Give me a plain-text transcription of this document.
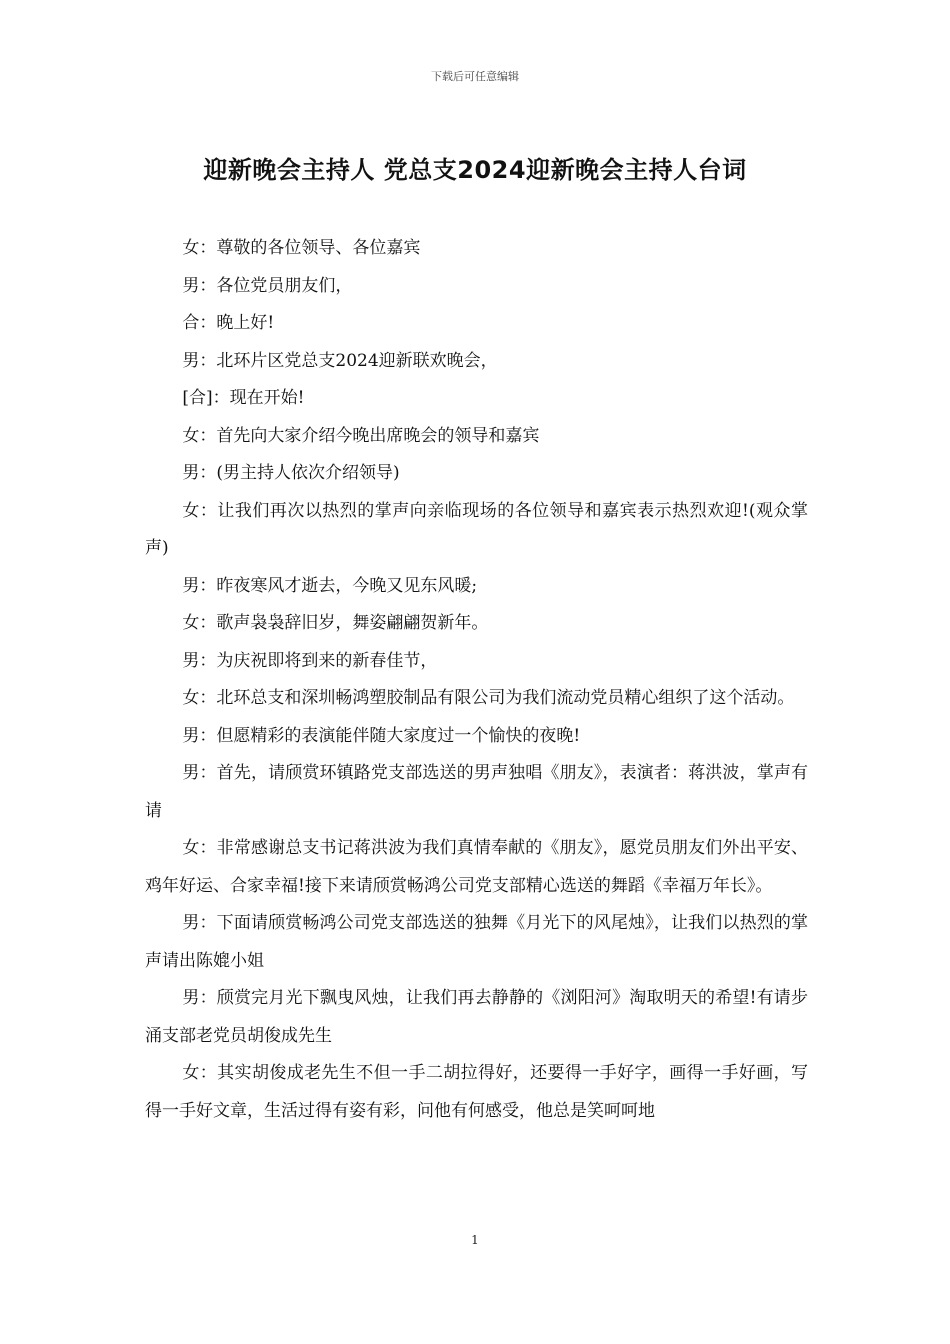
下载后可任意编辑
迎新晚会主持人 党总支2024迎新晚会主持人台词

女：尊敬的各位领导、各位嘉宾

男：各位党员朋友们，

合：晚上好!

男：北环片区党总支2024迎新联欢晚会，

[合]：现在开始!

女：首先向大家介绍今晚出席晚会的领导和嘉宾

男：(男主持人依次介绍领导)

女：让我们再次以热烈的掌声向亲临现场的各位领导和嘉宾表示热烈欢迎!(观众掌声)

男：昨夜寒风才逝去，今晚又见东风暖;

女：歌声袅袅辞旧岁，舞姿翩翩贺新年。

男：为庆祝即将到来的新春佳节，

女：北环总支和深圳畅鸿塑胶制品有限公司为我们流动党员精心组织了这个活动。

男：但愿精彩的表演能伴随大家度过一个愉快的夜晚!

男：首先，请颀赏环镇路党支部选送的男声独唱《朋友》，表演者：蒋洪波，掌声有请

女：非常感谢总支书记蒋洪波为我们真情奉献的《朋友》，愿党员朋友们外出平安、鸡年好运、合家幸福!接下来请颀赏畅鸿公司党支部精心选送的舞蹈《幸福万年长》。

男：下面请颀赏畅鸿公司党支部选送的独舞《月光下的风尾烛》，让我们以热烈的掌声请出陈媲小姐

男：颀赏完月光下飘曳风烛，让我们再去静静的《浏阳河》淘取明天的希望!有请步涌支部老党员胡俊成先生

女：其实胡俊成老先生不但一手二胡拉得好，还要得一手好字，画得一手好画，写得一手好文章，生活过得有姿有彩，问他有何感受，他总是笑呵呵地

1
